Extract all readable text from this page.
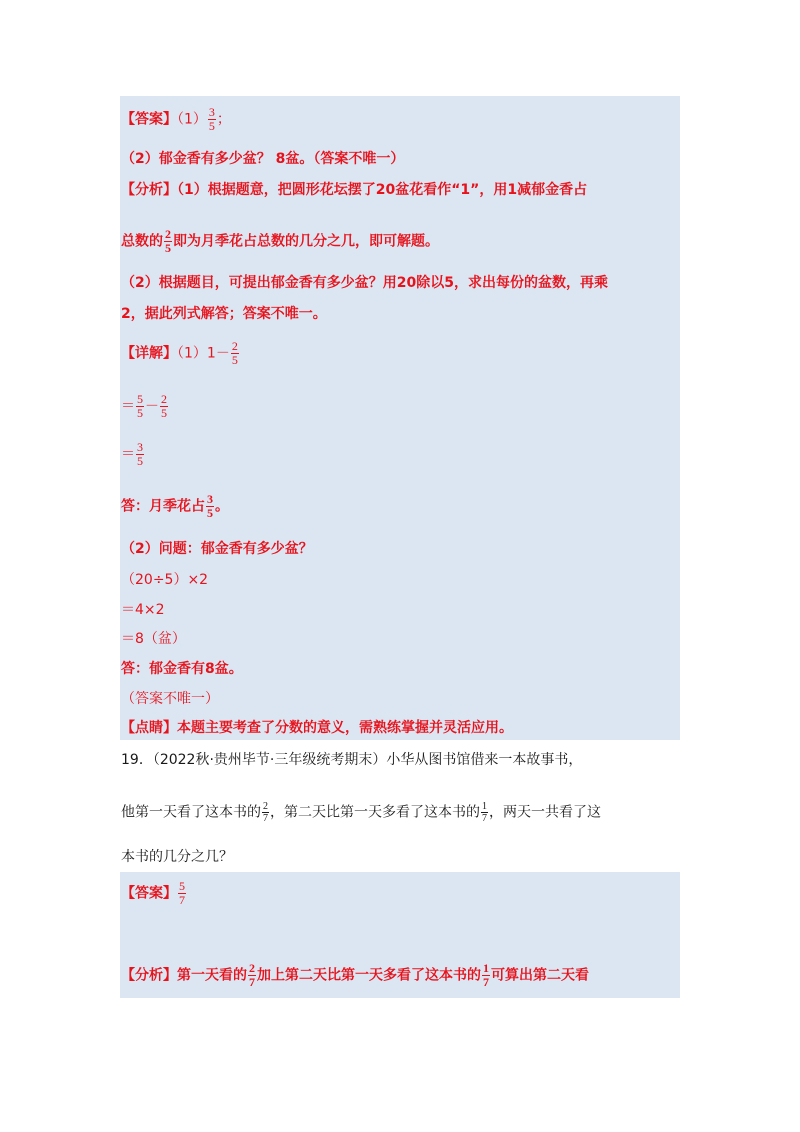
【答案】$(1) \frac{3}{5}$ ；
（2）郁金香有多少盆？ 8盆。（答案不唯一）
【分析】（1）根据题意，把圆形花坛摆了20盆花看作“1”，用1减郁金香占
总数的 $\frac{2}{5}$ 即为月季花占总数的几分之几，即可解题。
（2）根据题目，可提出郁金香有多少盆？用20除以5，求出每份的盆数，再乘
2，据此列式解答；答案不唯一。
【详解】$(1)1- \frac{2}{5}$
＝ $\frac{5}{5} - \frac{2}{5}$
＝ $\frac{3}{5}$
答：月季花占 $\frac{3}{5}$ 。
（2）问题：郁金香有多少盆？
（20÷5）×2
＝4×2
＝8（盆）
答：郁金香有8盆。
（答案不唯一）
【点睛】本题主要考查了分数的意义，需熟练掌握并灵活应用。
19．（2022秋·贵州毕节·三年级统考期末）小华从图书馆借来一本故事书，
他第一天看了这本书的 $\frac{2}{7}$ ，第二天比第一天多看了这本书的 $\frac{1}{7}$ ，两天一共看了这
本书的几分之几？
【答案】 $\frac{5}{7}$
【分析】第一天看的 $\frac{2}{7}$ 加上第二天比第一天多看了这本书的 $\frac{1}{7}$ 可算出第二天看
